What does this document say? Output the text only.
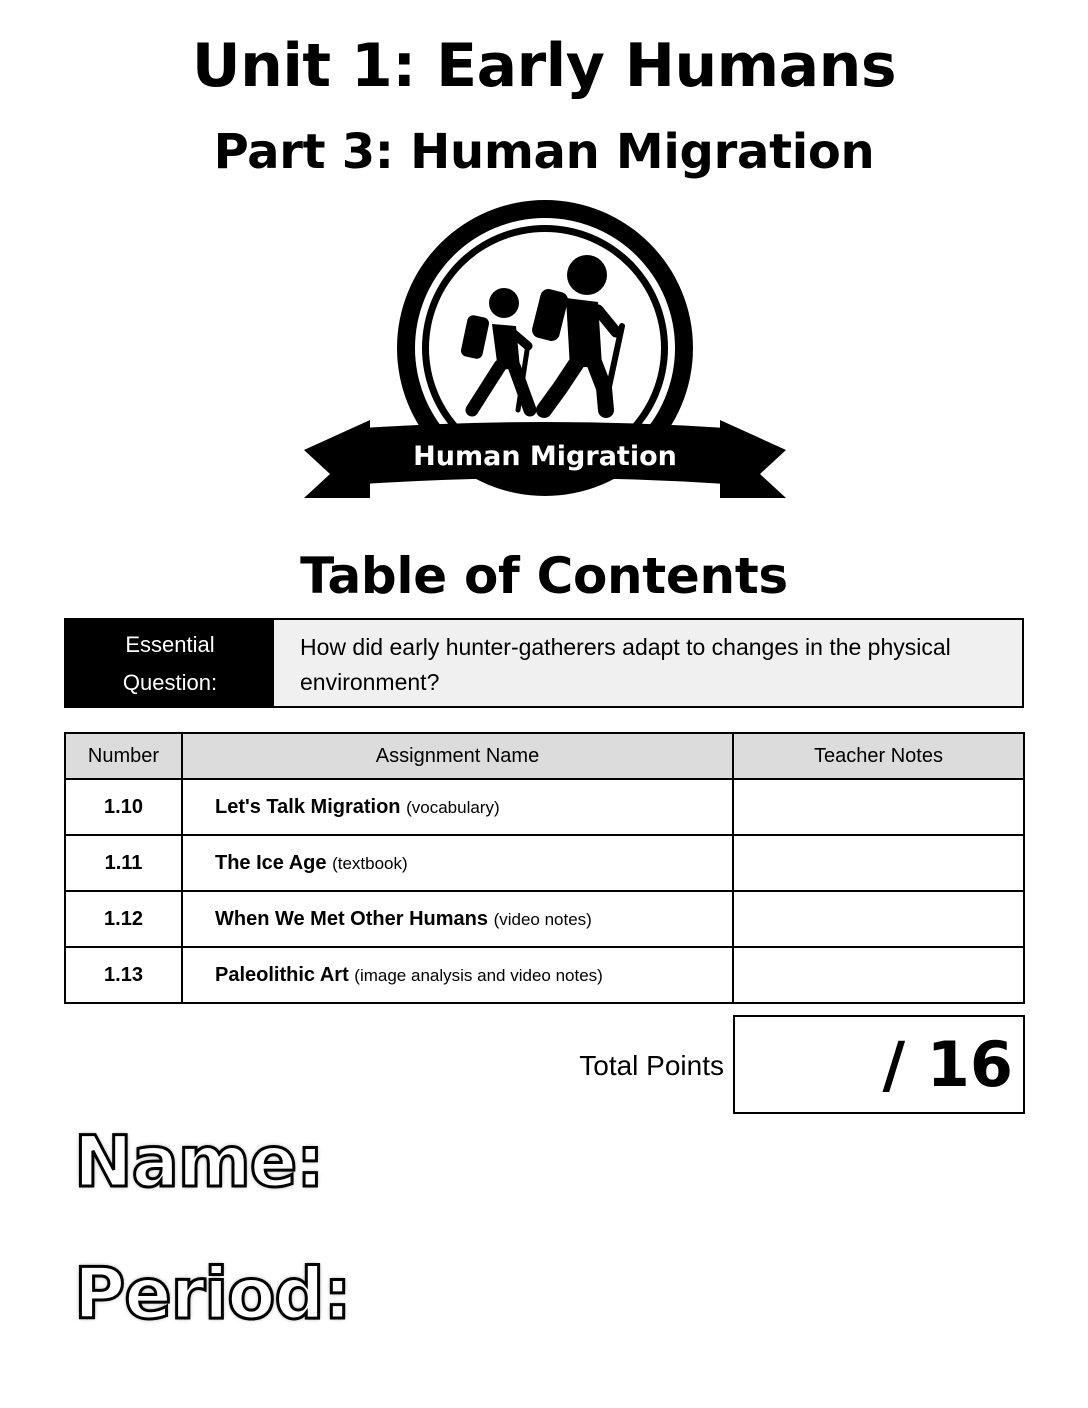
Unit 1: Early Humans
Part 3: Human Migration
Human Migration
Table of Contents
Essential
Question:
How did early hunter-gatherers adapt to changes in the physical environment?
Number	Assignment Name	Teacher Notes
1.10	Let's Talk Migration (vocabulary)	
1.11	The Ice Age (textbook)	
1.12	When We Met Other Humans (video notes)	
1.13	Paleolithic Art (image analysis and video notes)	
Total Points	/ 16
Name:
Period:
